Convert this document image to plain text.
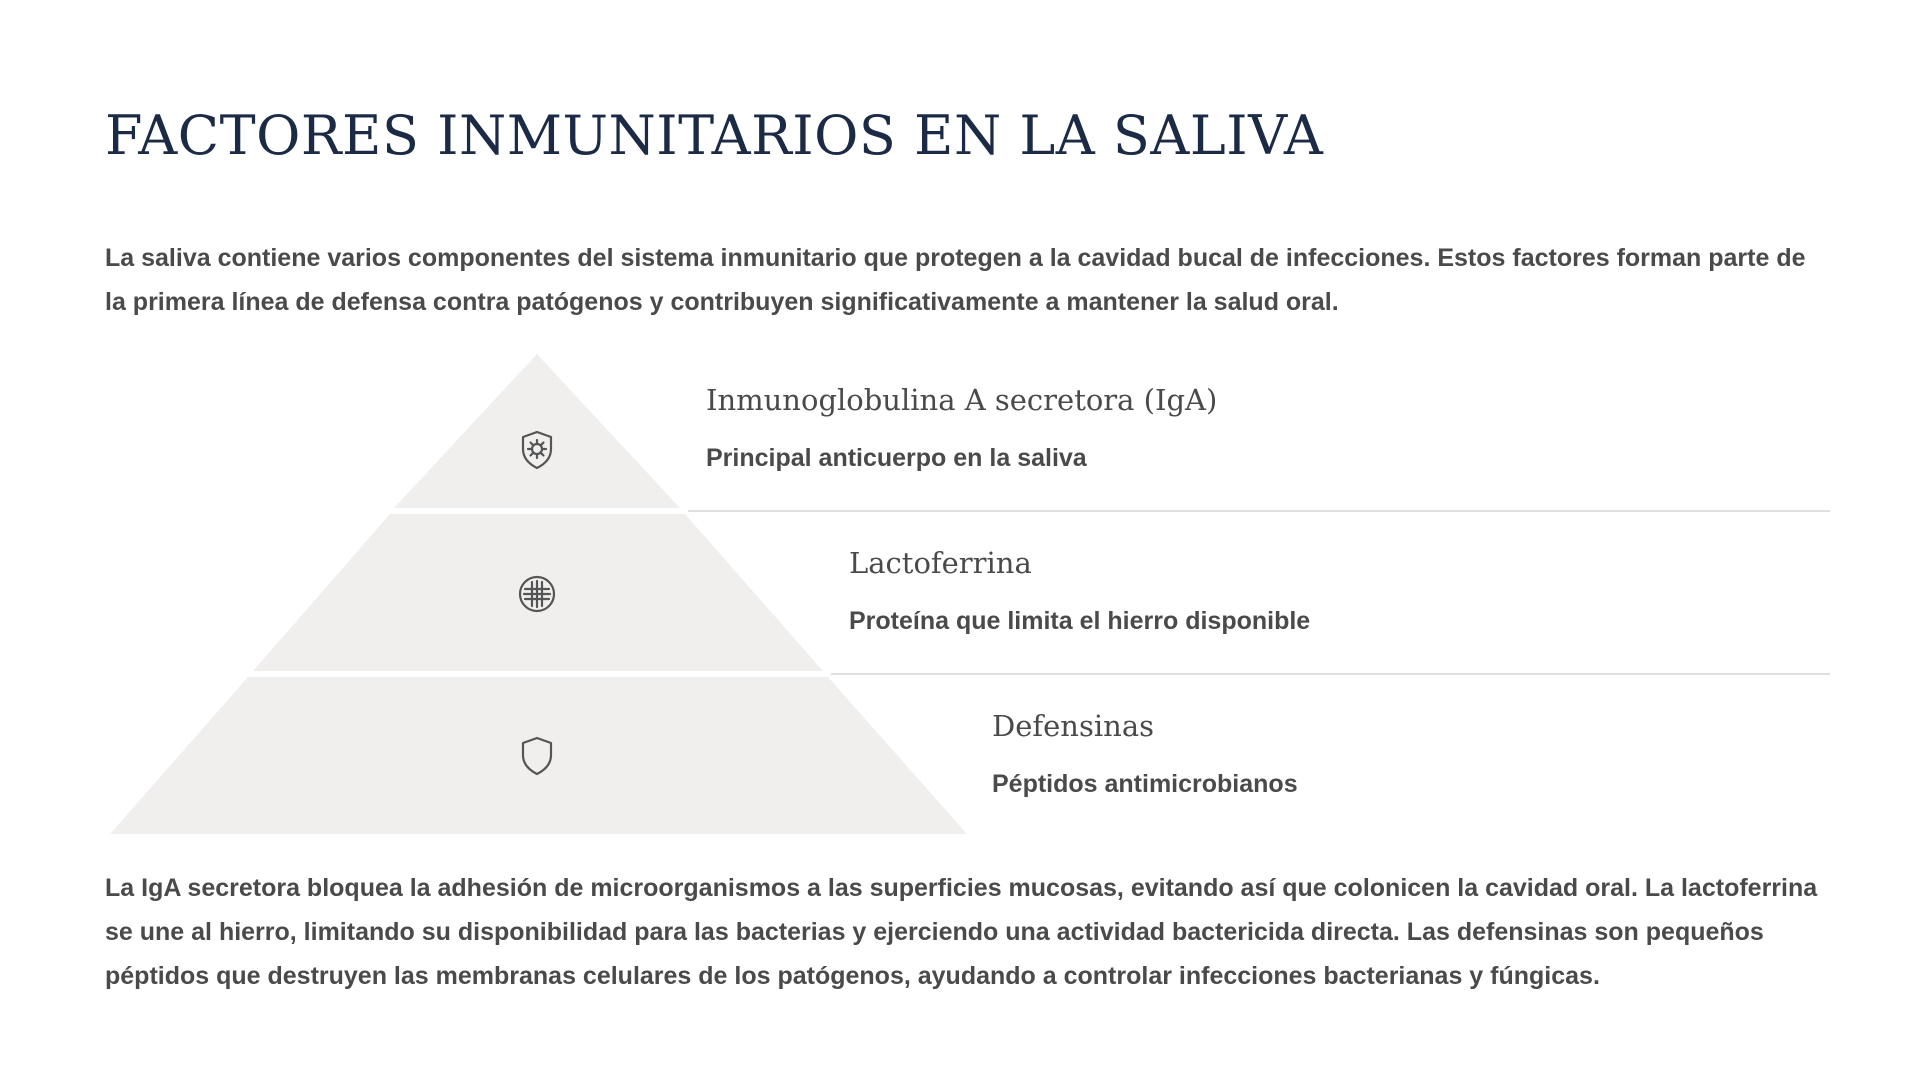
FACTORES INMUNITARIOS EN LA SALIVA

La saliva contiene varios componentes del sistema inmunitario que protegen a la cavidad bucal de infecciones. Estos factores forman parte de la primera línea de defensa contra patógenos y contribuyen significativamente a mantener la salud oral.

Inmunoglobulina A secretora (IgA)

Principal anticuerpo en la saliva

Lactoferrina

Proteína que limita el hierro disponible

Defensinas

Péptidos antimicrobianos

La IgA secretora bloquea la adhesión de microorganismos a las superficies mucosas, evitando así que colonicen la cavidad oral. La lactoferrina se une al hierro, limitando su disponibilidad para las bacterias y ejerciendo una actividad bactericida directa. Las defensinas son pequeños péptidos que destruyen las membranas celulares de los patógenos, ayudando a controlar infecciones bacterianas y fúngicas.
